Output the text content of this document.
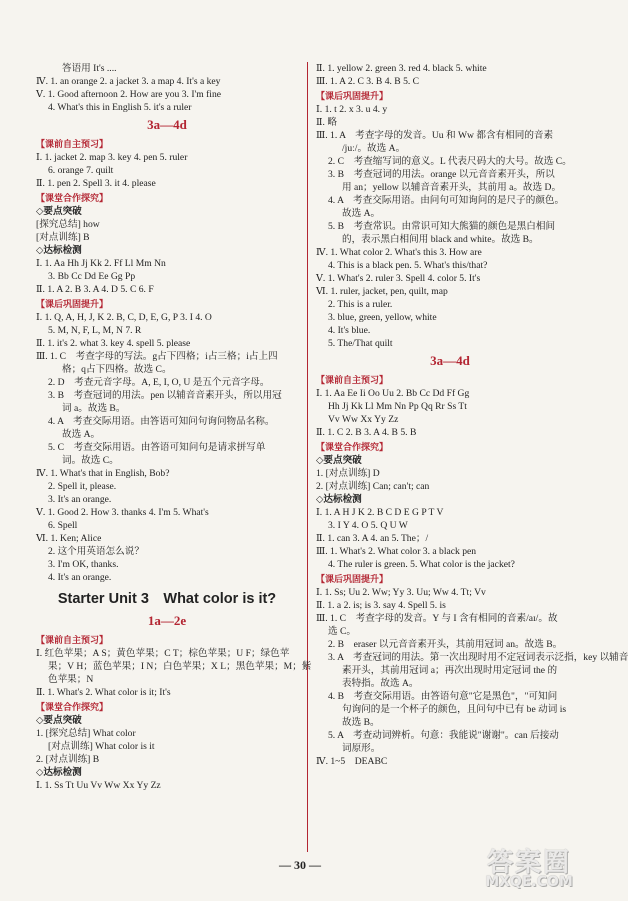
答语用 It's ....
Ⅳ. 1. an orange 2. a jacket 3. a map 4. It's a key
Ⅴ. 1. Good afternoon 2. How are you 3. I'm fine
4. What's this in English 5. it's a ruler
3a—4d
【课前自主预习】
Ⅰ. 1. jacket 2. map 3. key 4. pen 5. ruler
6. orange 7. quilt
Ⅱ. 1. pen 2. Spell 3. it 4. please
【课堂合作探究】
◇要点突破
[探究总结] how
[对点训练] B
◇达标检测
Ⅰ. 1. Aa Hh Jj Kk 2. Ff Ll Mm Nn
3. Bb Cc Dd Ee Gg Pp
Ⅱ. 1. A 2. B 3. A 4. D 5. C 6. F
【课后巩固提升】
Ⅰ. 1. Q, A, H, J, K 2. B, C, D, E, G, P 3. I 4. O
5. M, N, F, L, M, N 7. R
Ⅱ. 1. it's 2. what 3. key 4. spell 5. please
Ⅲ. 1. C　考查字母的写法。g占下四格；i占三格；i占上四
格；q占下四格。故选 C。
2. D　考查元音字母。A, E, I, O, U 是五个元音字母。
3. B　考查冠词的用法。pen 以辅音音素开头，所以用冠
词 a。故选 B。
4. A　考查交际用语。由答语可知问句询问物品名称。
故选 A。
5. C　考查交际用语。由答语可知问句是请求拼写单
词。故选 C。
Ⅳ. 1. What's that in English, Bob?
2. Spell it, please.
3. It's an orange.
Ⅴ. 1. Good 2. How 3. thanks 4. I'm 5. What's
6. Spell
Ⅵ. 1. Ken; Alice
2. 这个用英语怎么说？
3. I'm OK, thanks.
4. It's an orange.
Starter Unit 3　What color is it?
1a—2e
【课前自主预习】
Ⅰ. 红色苹果；A S；黄色苹果；C T；棕色苹果；U F；绿色苹
果；V H；蓝色苹果；I N；白色苹果；X L；黑色苹果；M；紫
色苹果；N
Ⅱ. 1. What's 2. What color is it; It's
【课堂合作探究】
◇要点突破
1. [探究总结] What color
[对点训练] What color is it
2. [对点训练] B
◇达标检测
Ⅰ. 1. Ss Tt Uu Vv Ww Xx Yy Zz
Ⅱ. 1. yellow 2. green 3. red 4. black 5. white
Ⅲ. 1. A 2. C 3. B 4. B 5. C
【课后巩固提升】
Ⅰ. 1. t 2. x 3. u 4. y
Ⅱ. 略
Ⅲ. 1. A　考查字母的发音。Uu 和 Ww 都含有相同的音素
/juː/。故选 A。
2. C　考查缩写词的意义。L 代表尺码大的大号。故选 C。
3. B　考查冠词的用法。orange 以元音音素开头，所以
用 an；yellow 以辅音音素开头，其前用 a。故选 D。
4. A　考查交际用语。由问句可知询问的是尺子的颜色。
故选 A。
5. B　考查常识。由常识可知大熊猫的颜色是黑白相间
的，表示黑白相间用 black and white。故选 B。
Ⅳ. 1. What color 2. What's this 3. How are
4. This is a black pen. 5. What's this/that?
Ⅴ. 1. What's 2. ruler 3. Spell 4. color 5. It's
Ⅵ. 1. ruler, jacket, pen, quilt, map
2. This is a ruler.
3. blue, green, yellow, white
4. It's blue.
5. The/That quilt
3a—4d
【课前自主预习】
Ⅰ. 1. Aa Ee Ii Oo Uu 2. Bb Cc Dd Ff Gg
Hh Jj Kk Ll Mm Nn Pp Qq Rr Ss Tt
Vv Ww Xx Yy Zz
Ⅱ. 1. C 2. B 3. A 4. B 5. B
【课堂合作探究】
◇要点突破
1. [对点训练] D
2. [对点训练] Can; can't; can
◇达标检测
Ⅰ. 1. A H J K 2. B C D E G P T V
3. I Y 4. O 5. Q U W
Ⅱ. 1. can 3. A 4. an 5. The；/
Ⅲ. 1. What's 2. What color 3. a black pen
4. The ruler is green. 5. What color is the jacket?
【课后巩固提升】
Ⅰ. 1. Ss; Uu 2. Ww; Yy 3. Uu; Ww 4. Tt; Vv
Ⅱ. 1. a 2. is; is 3. say 4. Spell 5. is
Ⅲ. 1. C　考查字母的发音。Y 与 I 含有相同的音素/aɪ/。故
选 C。
2. B　eraser 以元音音素开头，其前用冠词 an。故选 B。
3. A　考查冠词的用法。第一次出现时用不定冠词表示泛指，key 以辅音
素开头，其前用冠词 a；再次出现时用定冠词 the 的
表特指。故选 A。
4. B　考查交际用语。由答语句意"它是黑色"，"可知问
句询问的是一个杯子的颜色，且问句中已有 be 动词 is
故选 B。
5. A　考查动词辨析。句意：我能说"谢谢"。can 后接动
词原形。
Ⅳ. 1~5　DEABC
— 30 —	答案圈
MXQE.COM
